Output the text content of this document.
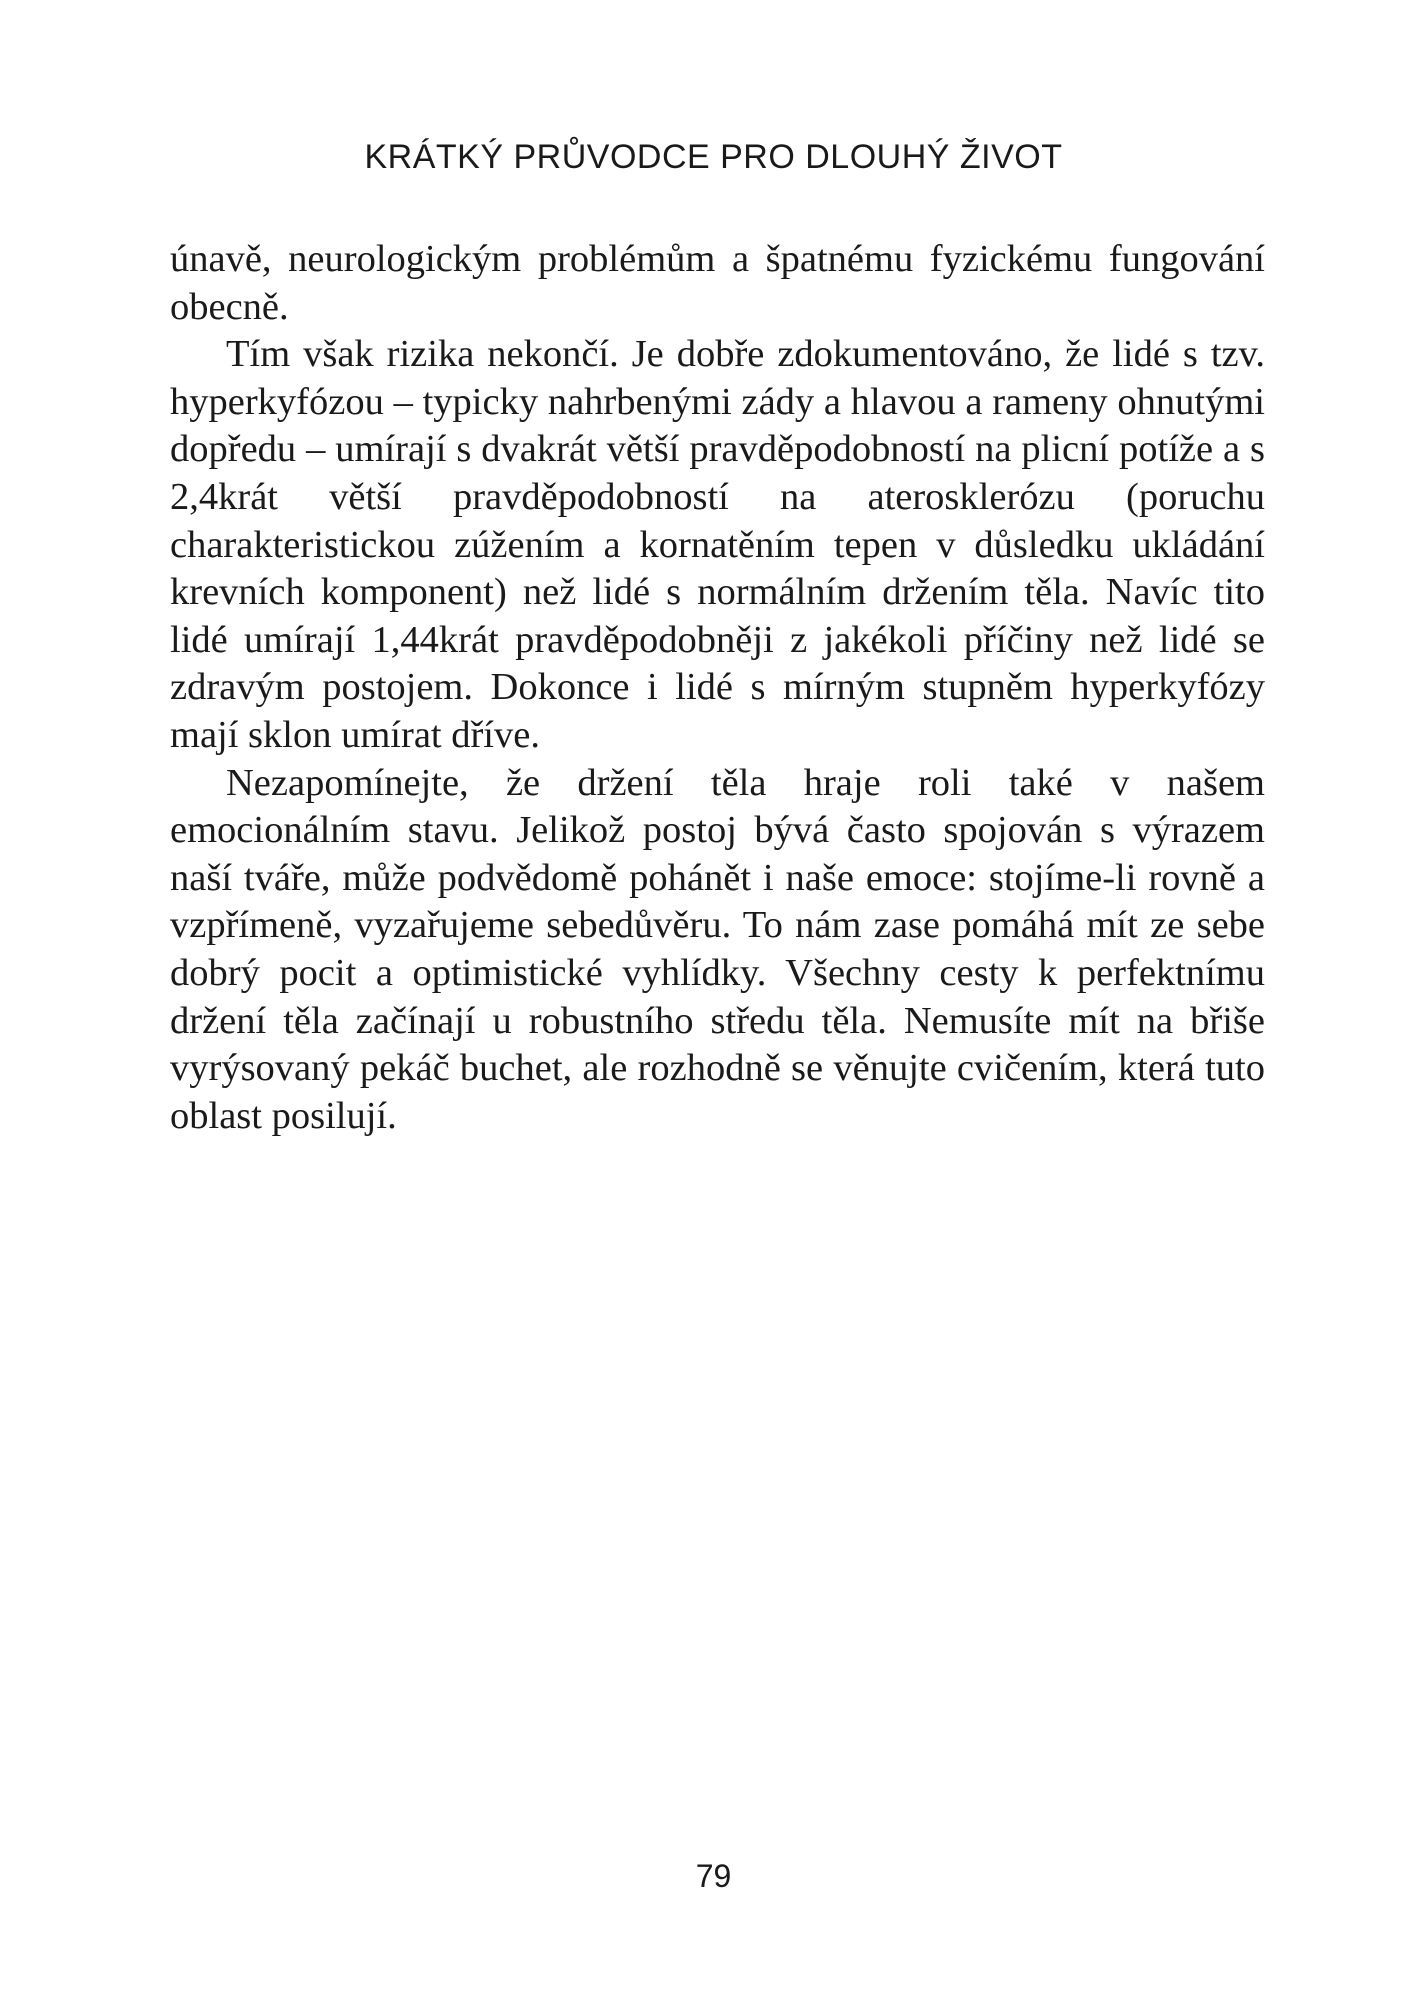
KRÁTKÝ PRŮVODCE PRO DLOUHÝ ŽIVOT

únavě, neurologickým problémům a špatnému fyzickému fungování obecně.

Tím však rizika nekončí. Je dobře zdokumentováno, že lidé s tzv. hyperkyfózou – typicky nahrbenými zády a hlavou a rameny ohnutými dopředu – umírají s dvakrát větší pravděpodobností na plicní potíže a s 2,4krát větší pravděpodobností na aterosklerózu (poruchu charakteristickou zúžením a kornatěním tepen v důsledku ukládání krevních komponent) než lidé s normálním držením těla. Navíc tito lidé umírají 1,44krát pravděpodobněji z jakékoli příčiny než lidé se zdravým postojem. Dokonce i lidé s mírným stupněm hyperkyfózy mají sklon umírat dříve.

Nezapomínejte, že držení těla hraje roli také v našem emocionálním stavu. Jelikož postoj bývá často spojován s výrazem naší tváře, může podvědomě pohánět i naše emoce: stojíme-li rovně a vzpřímeně, vyzařujeme sebedůvěru. To nám zase pomáhá mít ze sebe dobrý pocit a optimistické vyhlídky. Všechny cesty k perfektnímu držení těla začínají u robustního středu těla. Nemusíte mít na břiše vyrýsovaný pekáč buchet, ale rozhodně se věnujte cvičením, která tuto oblast posilují.

79
